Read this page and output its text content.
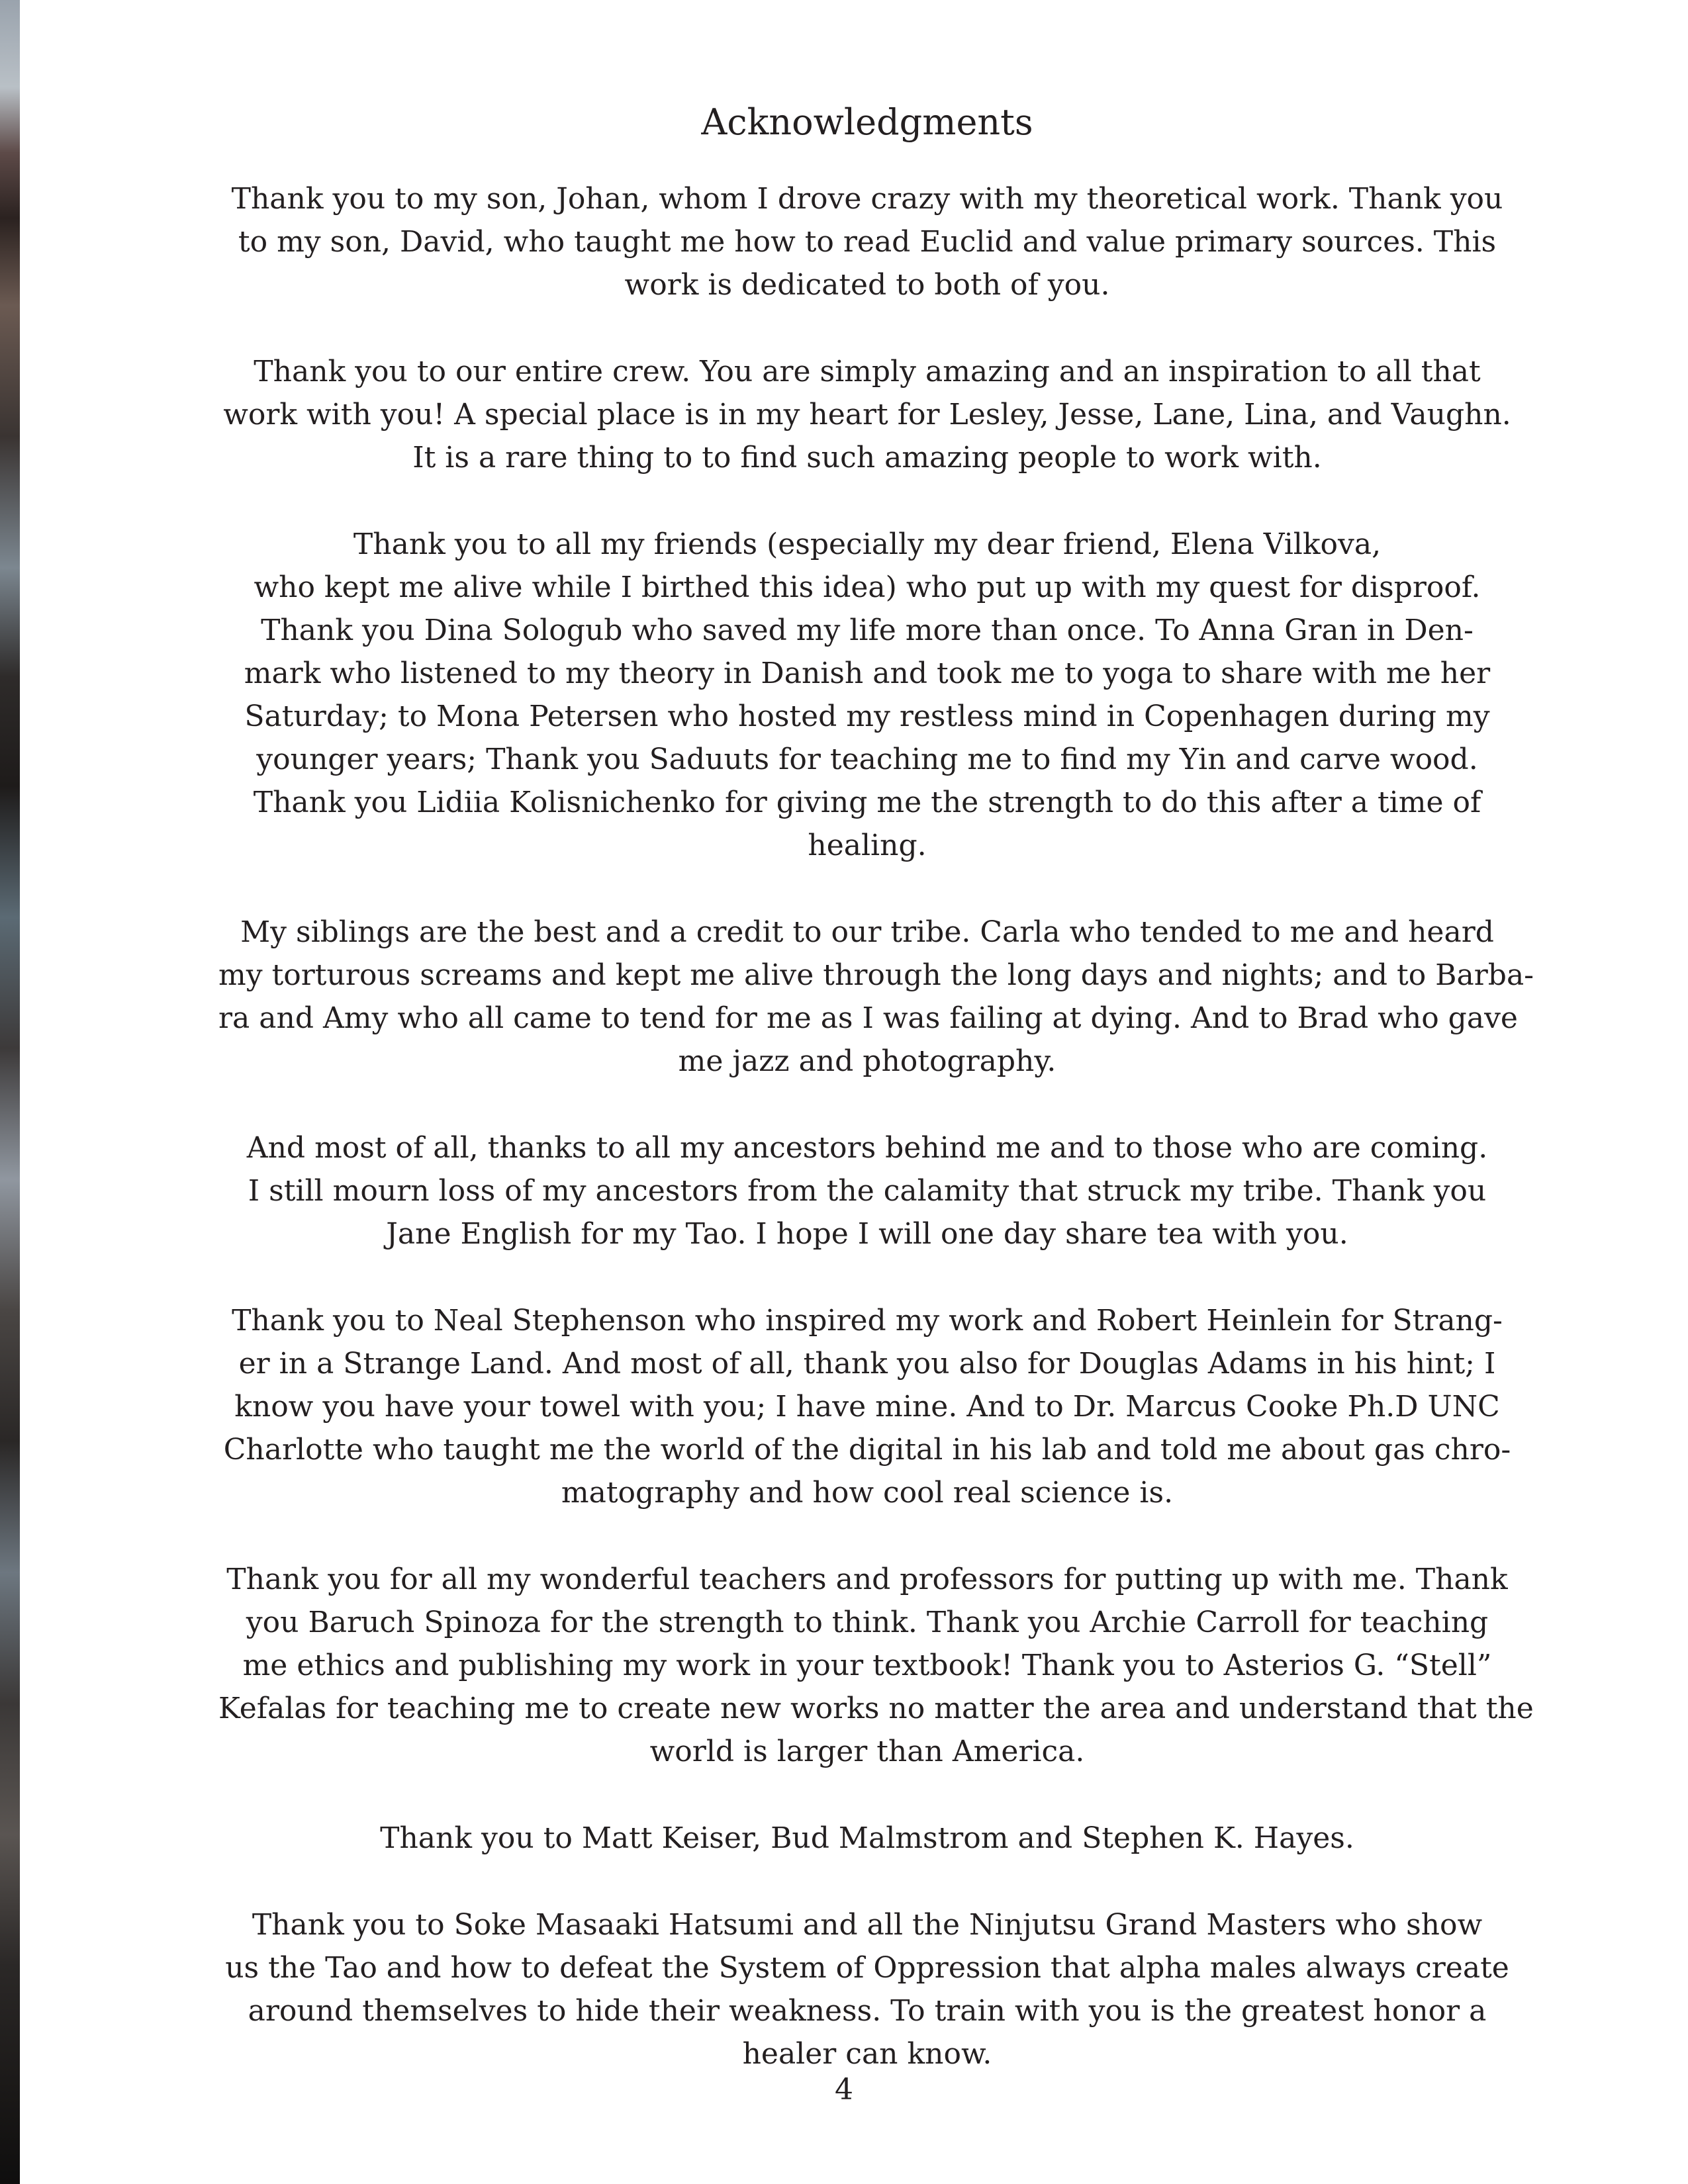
Acknowledgments
Thank you to my son, Johan, whom I drove crazy with my theoretical work. Thank you
to my son, David, who taught me how to read Euclid and value primary sources. This
work is dedicated to both of you.
Thank you to our entire crew. You are simply amazing and an inspiration to all that
work with you! A special place is in my heart for Lesley, Jesse, Lane, Lina, and Vaughn.
It is a rare thing to to find such amazing people to work with.
Thank you to all my friends (especially my dear friend, Elena Vilkova,
who kept me alive while I birthed this idea) who put up with my quest for disproof.
Thank you Dina Sologub who saved my life more than once. To Anna Gran in Den-
mark who listened to my theory in Danish and took me to yoga to share with me her
Saturday; to Mona Petersen who hosted my restless mind in Copenhagen during my
younger years; Thank you Saduuts for teaching me to find my Yin and carve wood.
Thank you Lidiia Kolisnichenko for giving me the strength to do this after a time of
healing.
My siblings are the best and a credit to our tribe. Carla who tended to me and heard
my torturous screams and kept me alive through the long days and nights; and to Barba-
ra and Amy who all came to tend for me as I was failing at dying. And to Brad who gave
me jazz and photography.
And most of all, thanks to all my ancestors behind me and to those who are coming.
I still mourn loss of my ancestors from the calamity that struck my tribe. Thank you
Jane English for my Tao. I hope I will one day share tea with you.
Thank you to Neal Stephenson who inspired my work and Robert Heinlein for Strang-
er in a Strange Land. And most of all, thank you also for Douglas Adams in his hint; I
know you have your towel with you; I have mine. And to Dr. Marcus Cooke Ph.D UNC
Charlotte who taught me the world of the digital in his lab and told me about gas chro-
matography and how cool real science is.
Thank you for all my wonderful teachers and professors for putting up with me. Thank
you Baruch Spinoza for the strength to think. Thank you Archie Carroll for teaching
me ethics and publishing my work in your textbook! Thank you to Asterios G. “Stell”
Kefalas for teaching me to create new works no matter the area and understand that the
world is larger than America.
Thank you to Matt Keiser, Bud Malmstrom and Stephen K. Hayes.
Thank you to Soke Masaaki Hatsumi and all the Ninjutsu Grand Masters who show
us the Tao and how to defeat the System of Oppression that alpha males always create
around themselves to hide their weakness. To train with you is the greatest honor a
healer can know.
4
